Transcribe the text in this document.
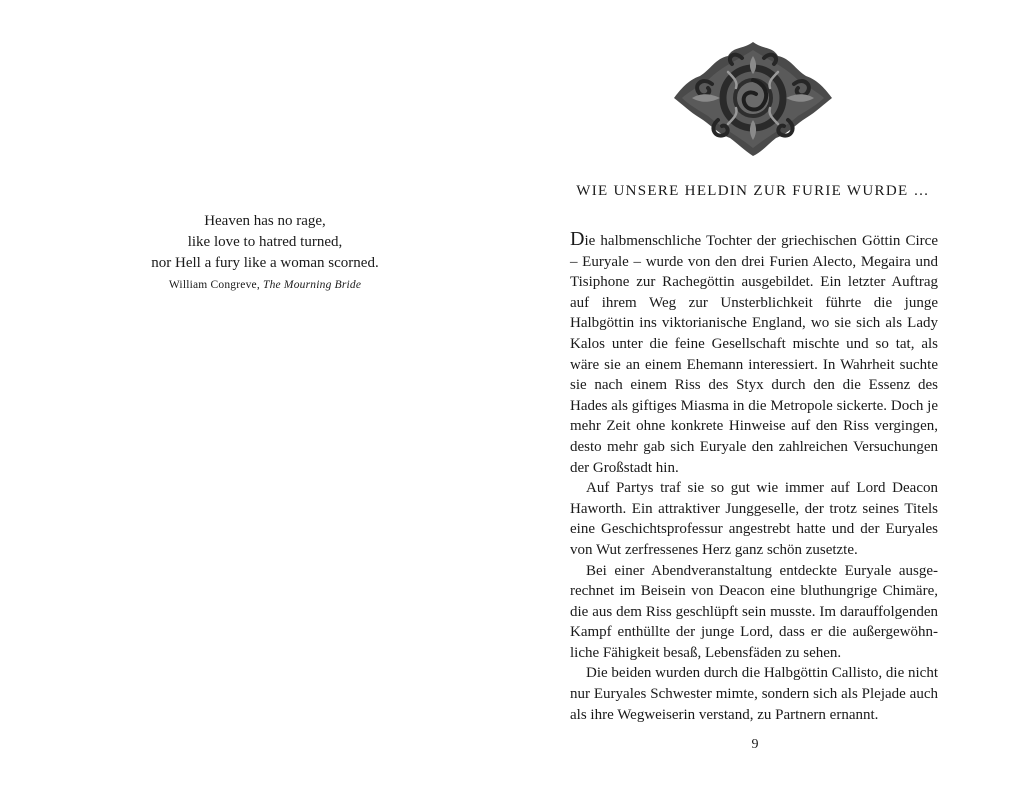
Heaven has no rage,
like love to hatred turned,
nor Hell a fury like a woman scorned.
William Congreve, The Mourning Bride
WIE UNSERE HELDIN ZUR FURIE WURDE …

Die halbmenschliche Tochter der griechischen Göttin Circe – Euryale – wurde von den drei Furien Alecto, Megaira und Tisiphone zur Rachegöttin ausgebildet. Ein letzter Auftrag auf ihrem Weg zur Unsterblichkeit führte die junge Halbgöttin ins viktorianische England, wo sie sich als Lady Kalos unter die feine Gesellschaft mischte und so tat, als wäre sie an einem Ehemann interessiert. In Wahrheit suchte sie nach einem Riss des Styx durch den die Essenz des Hades als giftiges Miasma in die Metropole sickerte. Doch je mehr Zeit ohne konkrete Hinweise auf den Riss vergingen, desto mehr gab sich Euryale den zahlreichen Versuchungen der Großstadt hin.

Auf Partys traf sie so gut wie immer auf Lord Deacon Haworth. Ein attraktiver Junggeselle, der trotz seines Titels eine Geschichtsprofessur angestrebt hatte und der Euryales von Wut zerfressenes Herz ganz schön zusetzte.

Bei einer Abendveranstaltung entdeckte Euryale ausgerechnet im Beisein von Deacon eine bluthungrige Chimäre, die aus dem Riss geschlüpft sein musste. Im darauffolgenden Kampf enthüllte der junge Lord, dass er die außergewöhnliche Fähigkeit besaß, Lebensfäden zu sehen.

Die beiden wurden durch die Halbgöttin Callisto, die nicht nur Euryales Schwester mimte, sondern sich als Plejade auch als ihre Wegweiserin verstand, zu Partnern ernannt.

9
